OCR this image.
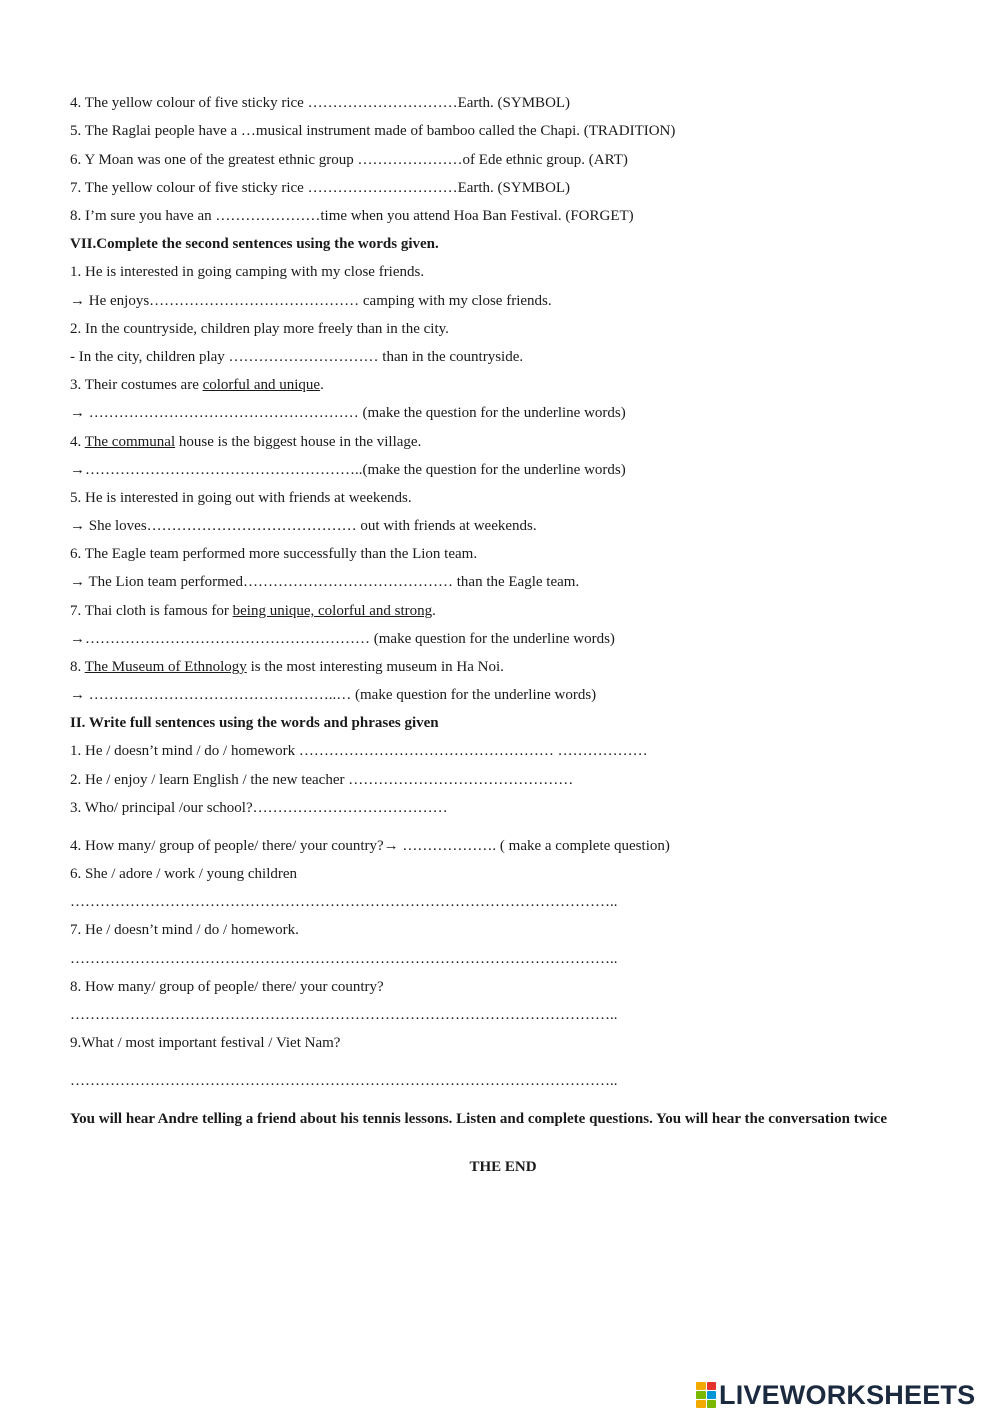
4. The yellow colour of five sticky rice …………………………Earth. (SYMBOL)
5. The Raglai people have a …musical instrument made of bamboo called the Chapi. (TRADITION)
6. Y Moan was one of the greatest ethnic group …………………of Ede ethnic group. (ART)
7. The yellow colour of five sticky rice …………………………Earth. (SYMBOL)
8. I’m sure you have an …………………time when you attend Hoa Ban Festival. (FORGET)
VII.Complete the second sentences using the words given.
1. He is interested in going camping with my close friends.
→ He enjoys…………………………………… camping with my close friends.
2. In the countryside, children play more freely than in the city.
- In the city, children play ………………………… than in the countryside.
3. Their costumes are colorful and unique.
→ ……………………………………………… (make the question for the underline words)
4. The communal house is the biggest house in the village.
→………………………………………………..(make the question for the underline words)
5. He is interested in going out with friends at weekends.
→ She loves…………………………………… out with friends at weekends.
6. The Eagle team performed more successfully than the Lion team.
→ The Lion team performed…………………………………… than the Eagle team.
7. Thai cloth is famous for being unique, colorful and strong.
→………………………………………………… (make question for the underline words)
8. The Museum of Ethnology is the most interesting museum in Ha Noi.
→ …………………………………………..… (make question for the underline words)
II. Write full sentences using the words and phrases given
1. He / doesn’t mind / do / homework …………………………………………… ………………
2. He / enjoy / learn English / the new teacher ………………………………………
3. Who/ principal /our school?…………………………………
4. How many/ group of people/ there/ your country?→ ………………. ( make a complete question)
6. She / adore / work / young children
………………………………………………………………………………………………..
7. He / doesn’t mind / do / homework.
………………………………………………………………………………………………..
8. How many/ group of people/ there/ your country?
………………………………………………………………………………………………..
9.What / most important festival / Viet Nam?
………………………………………………………………………………………………..
You will hear Andre telling a friend about his tennis lessons. Listen and complete questions. You will hear the conversation twice
THE END
LIVEWORKSHEETS
